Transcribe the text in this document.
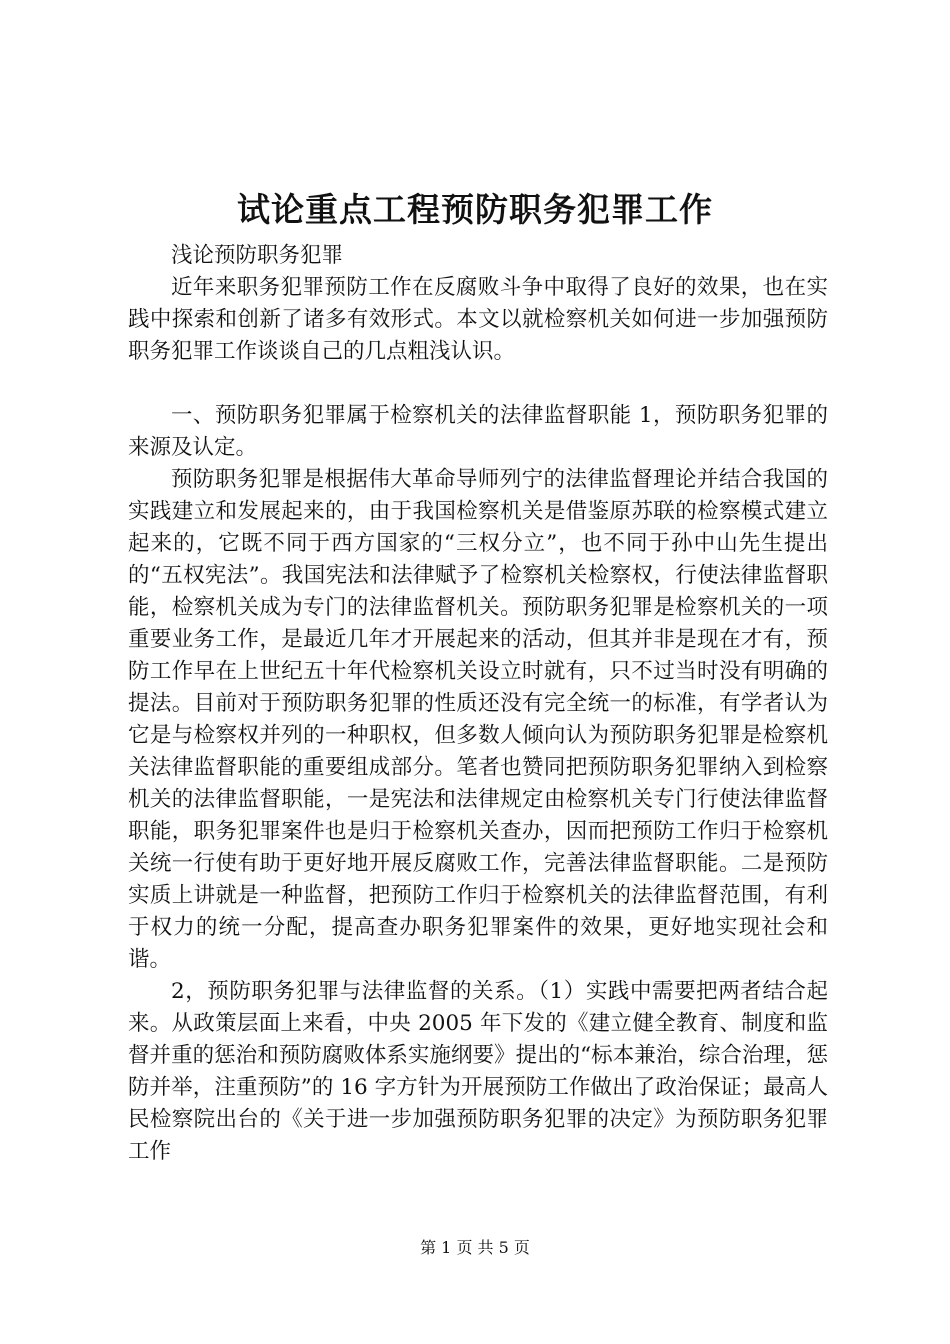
试论重点工程预防职务犯罪工作

浅论预防职务犯罪

近年来职务犯罪预防工作在反腐败斗争中取得了良好的效果，也在实践中探索和创新了诸多有效形式。本文以就检察机关如何进一步加强预防职务犯罪工作谈谈自己的几点粗浅认识。

一、预防职务犯罪属于检察机关的法律监督职能 1，预防职务犯罪的来源及认定。

预防职务犯罪是根据伟大革命导师列宁的法律监督理论并结合我国的实践建立和发展起来的，由于我国检察机关是借鉴原苏联的检察模式建立起来的，它既不同于西方国家的“三权分立”，也不同于孙中山先生提出的“五权宪法”。我国宪法和法律赋予了检察机关检察权，行使法律监督职能，检察机关成为专门的法律监督机关。预防职务犯罪是检察机关的一项重要业务工作，是最近几年才开展起来的活动，但其并非是现在才有，预防工作早在上世纪五十年代检察机关设立时就有，只不过当时没有明确的提法。目前对于预防职务犯罪的性质还没有完全统一的标准，有学者认为它是与检察权并列的一种职权，但多数人倾向认为预防职务犯罪是检察机关法律监督职能的重要组成部分。笔者也赞同把预防职务犯罪纳入到检察机关的法律监督职能，一是宪法和法律规定由检察机关专门行使法律监督职能，职务犯罪案件也是归于检察机关查办，因而把预防工作归于检察机关统一行使有助于更好地开展反腐败工作，完善法律监督职能。二是预防实质上讲就是一种监督，把预防工作归于检察机关的法律监督范围，有利于权力的统一分配，提高查办职务犯罪案件的效果，更好地实现社会和谐。

2，预防职务犯罪与法律监督的关系。（1）实践中需要把两者结合起来。从政策层面上来看，中央 2005 年下发的《建立健全教育、制度和监督并重的惩治和预防腐败体系实施纲要》提出的“标本兼治，综合治理，惩防并举，注重预防”的 16 字方针为开展预防工作做出了政治保证；最高人民检察院出台的《关于进一步加强预防职务犯罪的决定》为预防职务犯罪工作

第 1 页 共 5 页
